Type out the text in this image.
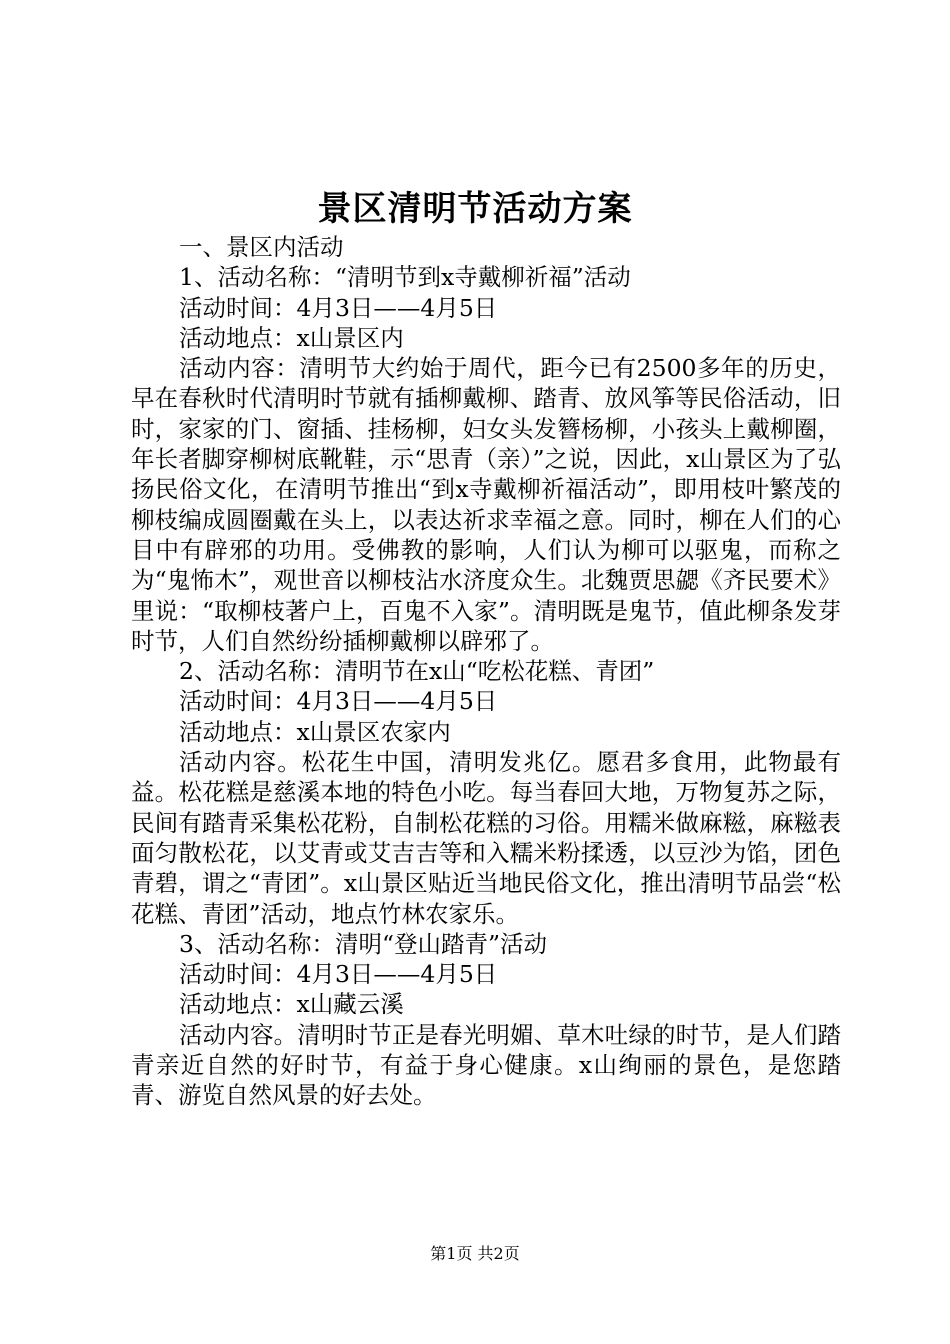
景区清明节活动方案

一、景区内活动

1、活动名称：“清明节到x寺戴柳祈福”活动

活动时间：4月3日——4月5日

活动地点：x山景区内

活动内容：清明节大约始于周代，距今已有2500多年的历史，早在春秋时代清明时节就有插柳戴柳、踏青、放风筝等民俗活动，旧时，家家的门、窗插、挂杨柳，妇女头发簪杨柳，小孩头上戴柳圈，年长者脚穿柳树底靴鞋，示“思青（亲）”之说，因此，x山景区为了弘扬民俗文化，在清明节推出“到x寺戴柳祈福活动”，即用枝叶繁茂的柳枝编成圆圈戴在头上，以表达祈求幸福之意。同时，柳在人们的心目中有辟邪的功用。受佛教的影响，人们认为柳可以驱鬼，而称之为“鬼怖木”，观世音以柳枝沾水济度众生。北魏贾思勰《齐民要术》里说：“取柳枝著户上，百鬼不入家”。清明既是鬼节，值此柳条发芽时节，人们自然纷纷插柳戴柳以辟邪了。

2、活动名称：清明节在x山“吃松花糕、青团”

活动时间：4月3日——4月5日

活动地点：x山景区农家内

活动内容。松花生中国，清明发兆亿。愿君多食用，此物最有益。松花糕是慈溪本地的特色小吃。每当春回大地，万物复苏之际，民间有踏青采集松花粉，自制松花糕的习俗。用糯米做麻糍，麻糍表面匀散松花，以艾青或艾吉吉等和入糯米粉揉透，以豆沙为馅，团色青碧，谓之“青团”。x山景区贴近当地民俗文化，推出清明节品尝“松花糕、青团”活动，地点竹林农家乐。

3、活动名称：清明“登山踏青”活动

活动时间：4月3日——4月5日

活动地点：x山藏云溪

活动内容。清明时节正是春光明媚、草木吐绿的时节，是人们踏青亲近自然的好时节，有益于身心健康。x山绚丽的景色，是您踏青、游览自然风景的好去处。

第1页 共2页
